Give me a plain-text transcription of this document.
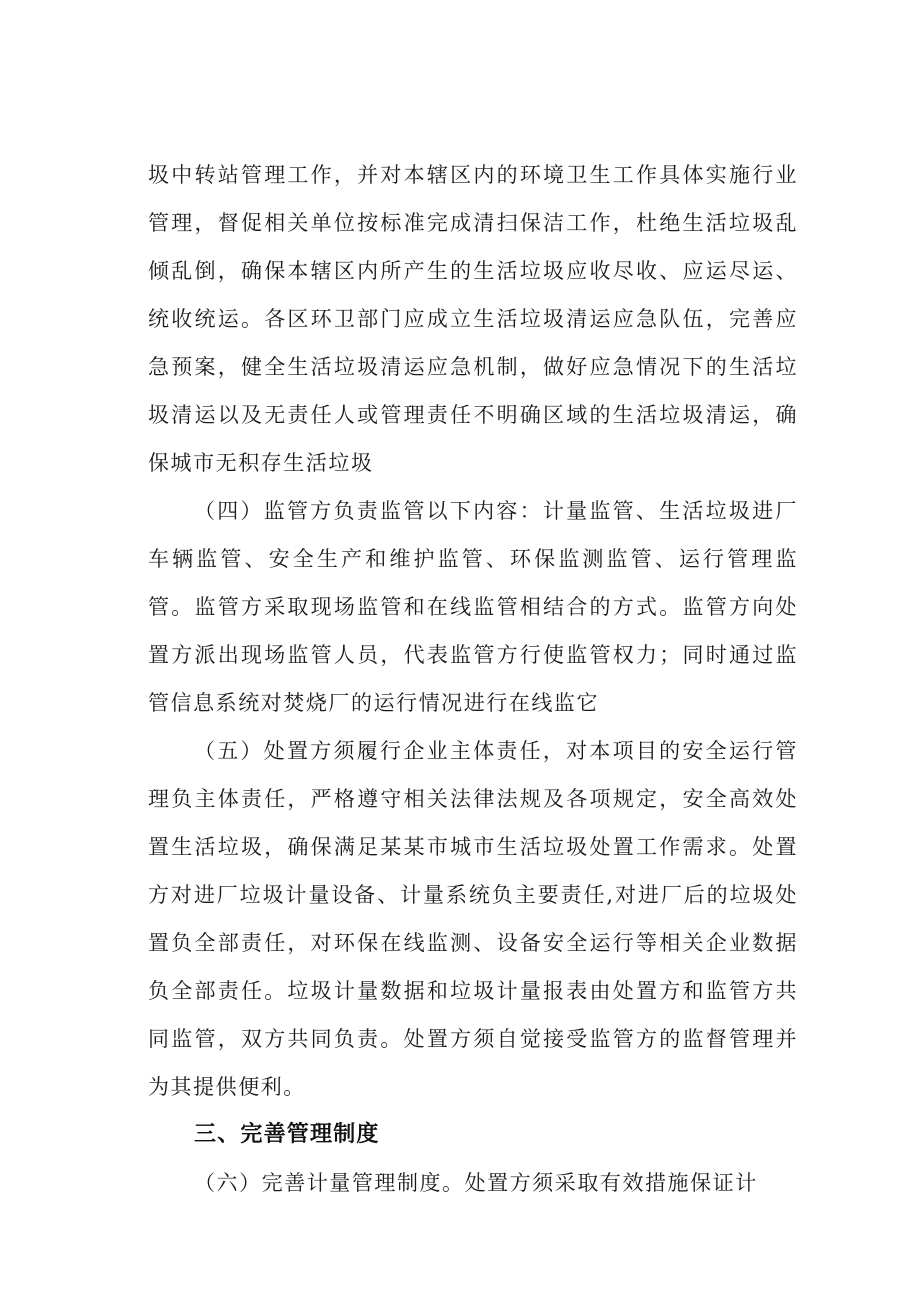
圾中转站管理工作，并对本辖区内的环境卫生工作具体实施行业管理，督促相关单位按标准完成清扫保洁工作，杜绝生活垃圾乱倾乱倒，确保本辖区内所产生的生活垃圾应收尽收、应运尽运、统收统运。各区环卫部门应成立生活垃圾清运应急队伍，完善应急预案，健全生活垃圾清运应急机制，做好应急情况下的生活垃圾清运以及无责任人或管理责任不明确区域的生活垃圾清运，确保城市无积存生活垃圾

（四）监管方负责监管以下内容：计量监管、生活垃圾进厂车辆监管、安全生产和维护监管、环保监测监管、运行管理监管。监管方采取现场监管和在线监管相结合的方式。监管方向处置方派出现场监管人员，代表监管方行使监管权力；同时通过监管信息系统对焚烧厂的运行情况进行在线监它

（五）处置方须履行企业主体责任，对本项目的安全运行管理负主体责任，严格遵守相关法律法规及各项规定，安全高效处置生活垃圾，确保满足某某市城市生活垃圾处置工作需求。处置方对进厂垃圾计量设备、计量系统负主要责任,对进厂后的垃圾处置负全部责任，对环保在线监测、设备安全运行等相关企业数据负全部责任。垃圾计量数据和垃圾计量报表由处置方和监管方共同监管，双方共同负责。处置方须自觉接受监管方的监督管理并为其提供便利。

三、完善管理制度

（六）完善计量管理制度。处置方须采取有效措施保证计
